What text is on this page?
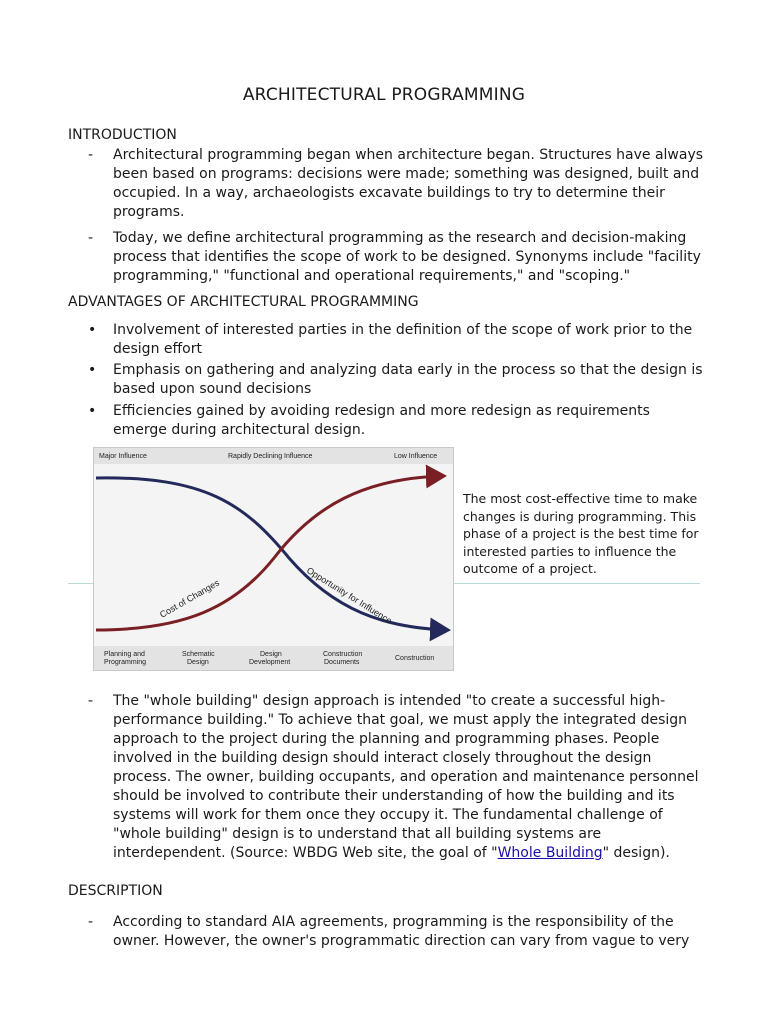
ARCHITECTURAL PROGRAMMING
INTRODUCTION
- Architectural programming began when architecture began. Structures have always been based on programs: decisions were made; something was designed, built and occupied. In a way, archaeologists excavate buildings to try to determine their programs.
- Today, we define architectural programming as the research and decision-making process that identifies the scope of work to be designed. Synonyms include "facility programming," "functional and operational requirements," and "scoping."
ADVANTAGES OF ARCHITECTURAL PROGRAMMING
• Involvement of interested parties in the definition of the scope of work prior to the design effort
• Emphasis on gathering and analyzing data early in the process so that the design is based upon sound decisions
• Efficiencies gained by avoiding redesign and more redesign as requirements emerge during architectural design.
Major Influence	Rapidly Declining Influence	Low Influence
Cost of Changes	Opportunity for Influence
Planning and Programming
Schematic Design
Design Development
Construction Documents
Construction
The most cost-effective time to make changes is during programming. This phase of a project is the best time for interested parties to influence the outcome of a project.
- The "whole building" design approach is intended "to create a successful high-performance building." To achieve that goal, we must apply the integrated design approach to the project during the planning and programming phases. People involved in the building design should interact closely throughout the design process. The owner, building occupants, and operation and maintenance personnel should be involved to contribute their understanding of how the building and its systems will work for them once they occupy it. The fundamental challenge of "whole building" design is to understand that all building systems are interdependent. (Source: WBDG Web site, the goal of "Whole Building" design).
DESCRIPTION
- According to standard AIA agreements, programming is the responsibility of the owner. However, the owner's programmatic direction can vary from vague to very
